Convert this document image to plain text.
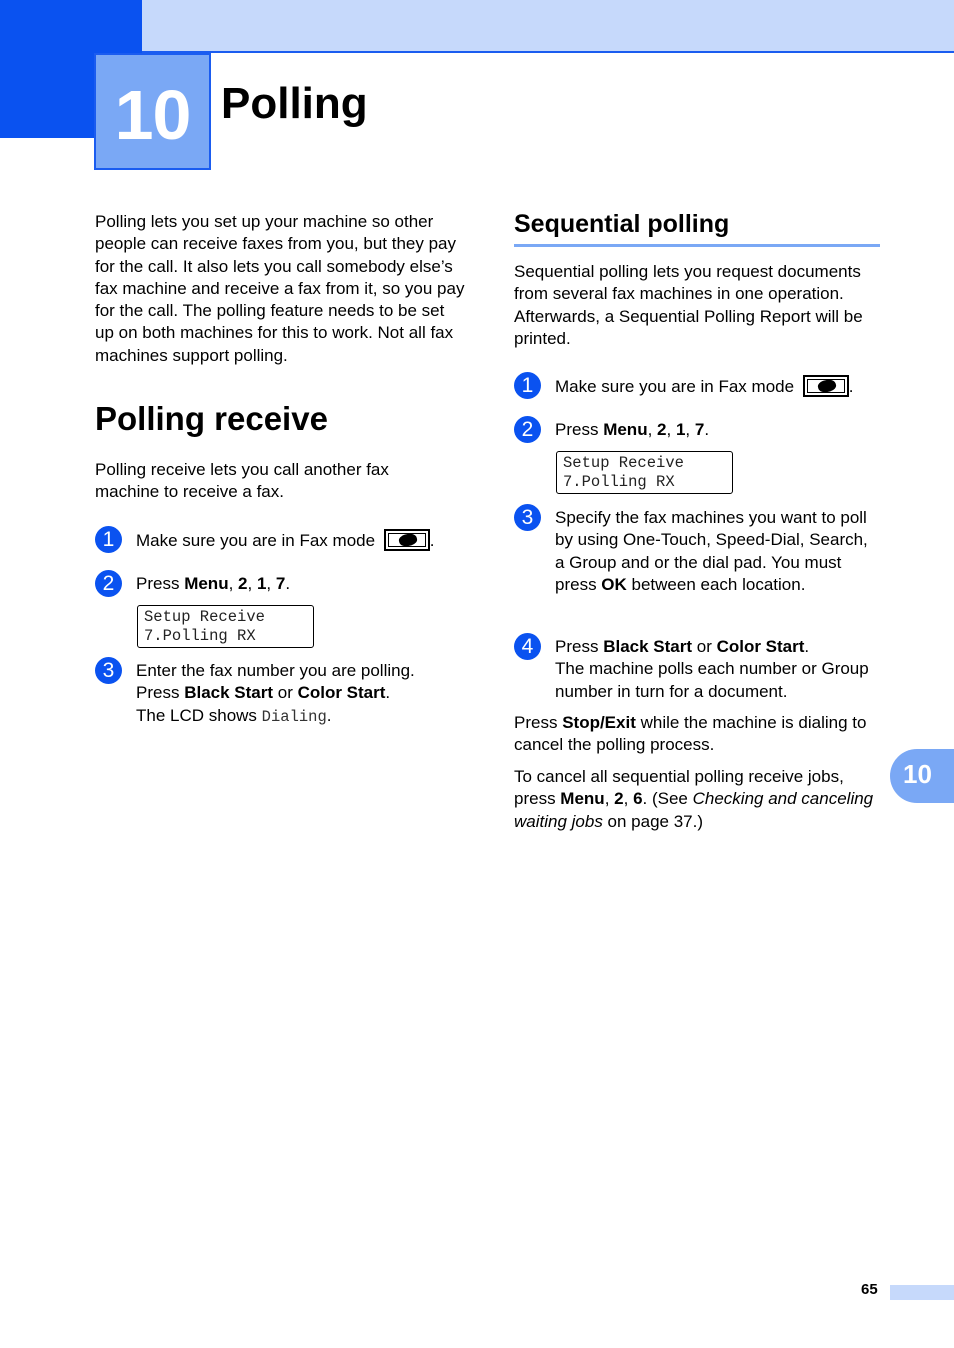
10 Polling

Polling lets you set up your machine so other people can receive faxes from you, but they pay for the call. It also lets you call somebody else’s fax machine and receive a fax from it, so you pay for the call. The polling feature needs to be set up on both machines for this to work. Not all fax machines support polling.

Polling receive

Polling receive lets you call another fax machine to receive a fax.

1	Make sure you are in Fax mode	.

2	Press Menu, 2, 1, 7.

Setup Receive
7.Polling RX
3	Enter the fax number you are polling.
Press Black Start or Color Start.
The LCD shows Dialing.
Sequential polling

Sequential polling lets you request documents from several fax machines in one operation. Afterwards, a Sequential Polling Report will be printed.

1	Make sure you are in Fax mode	.

2	Press Menu, 2, 1, 7.

Setup Receive
7.Polling RX
3	Specify the fax machines you want to poll by using One-Touch, Speed-Dial, Search, a Group and or the dial pad. You must press OK between each location.

4	Press Black Start or Color Start.
The machine polls each number or Group number in turn for a document.

Press Stop/Exit while the machine is dialing to cancel the polling process.

To cancel all sequential polling receive jobs, press Menu, 2, 6. (See Checking and canceling waiting jobs on page 37.)

10
65
